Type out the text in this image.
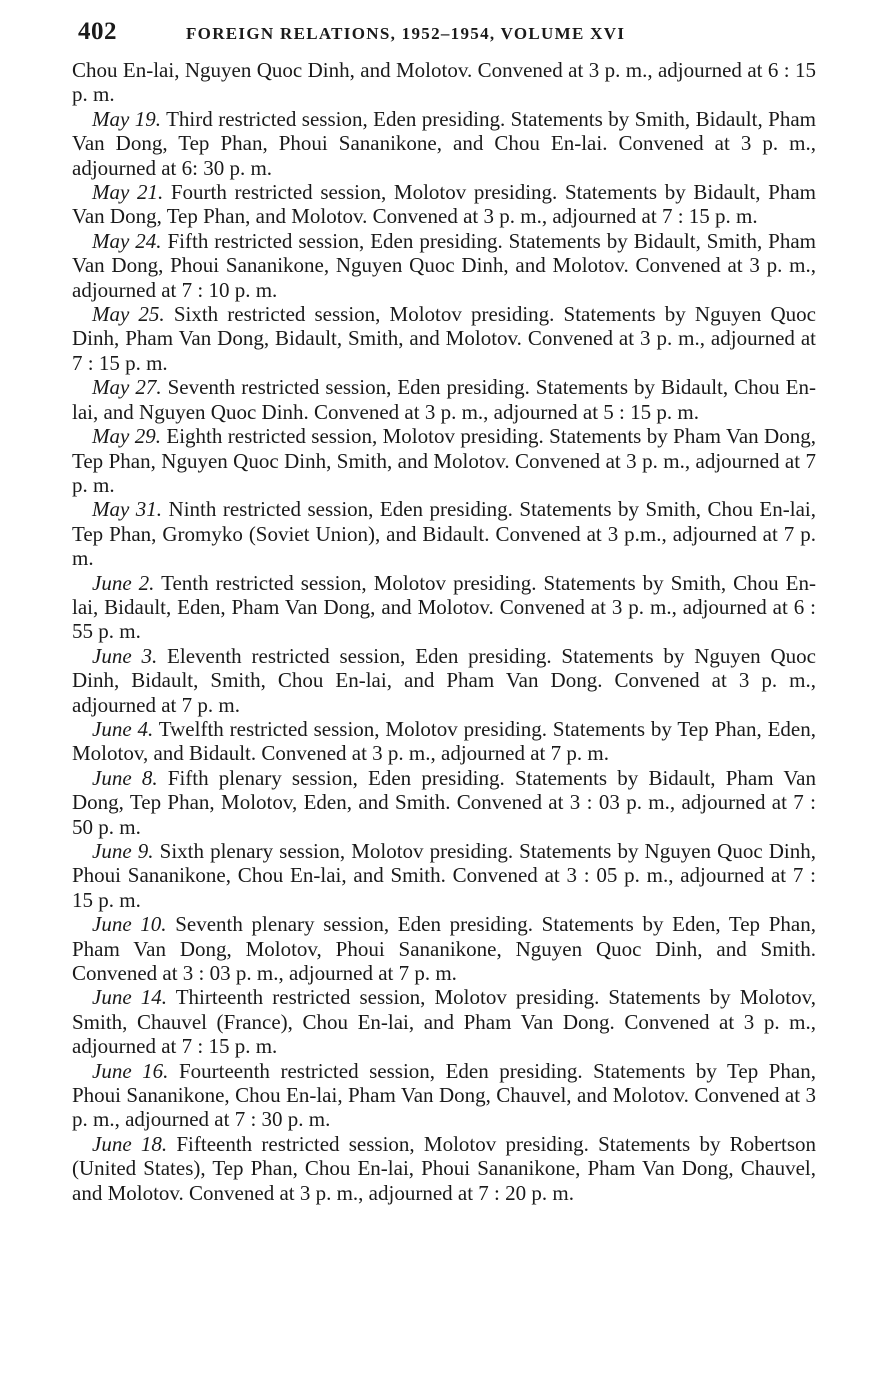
402	FOREIGN RELATIONS, 1952–1954, VOLUME XVI

Chou En-lai, Nguyen Quoc Dinh, and Molotov. Convened at 3 p. m., adjourned at 6 : 15 p. m.

May 19. Third restricted session, Eden presiding. Statements by Smith, Bidault, Pham Van Dong, Tep Phan, Phoui Sananikone, and Chou En-lai. Convened at 3 p. m., adjourned at 6: 30 p. m.

May 21. Fourth restricted session, Molotov presiding. Statements by Bidault, Pham Van Dong, Tep Phan, and Molotov. Convened at 3 p. m., adjourned at 7 : 15 p. m.

May 24. Fifth restricted session, Eden presiding. Statements by Bidault, Smith, Pham Van Dong, Phoui Sananikone, Nguyen Quoc Dinh, and Molotov. Convened at 3 p. m., adjourned at 7 : 10 p. m.

May 25. Sixth restricted session, Molotov presiding. Statements by Nguyen Quoc Dinh, Pham Van Dong, Bidault, Smith, and Molotov. Convened at 3 p. m., adjourned at 7 : 15 p. m.

May 27. Seventh restricted session, Eden presiding. Statements by Bidault, Chou En-lai, and Nguyen Quoc Dinh. Convened at 3 p. m., adjourned at 5 : 15 p. m.

May 29. Eighth restricted session, Molotov presiding. Statements by Pham Van Dong, Tep Phan, Nguyen Quoc Dinh, Smith, and Molotov. Convened at 3 p. m., adjourned at 7 p. m.

May 31. Ninth restricted session, Eden presiding. Statements by Smith, Chou En-lai, Tep Phan, Gromyko (Soviet Union), and Bidault. Convened at 3 p.m., adjourned at 7 p. m.

June 2. Tenth restricted session, Molotov presiding. Statements by Smith, Chou En-lai, Bidault, Eden, Pham Van Dong, and Molotov. Convened at 3 p. m., adjourned at 6 : 55 p. m.

June 3. Eleventh restricted session, Eden presiding. Statements by Nguyen Quoc Dinh, Bidault, Smith, Chou En-lai, and Pham Van Dong. Convened at 3 p. m., adjourned at 7 p. m.

June 4. Twelfth restricted session, Molotov presiding. Statements by Tep Phan, Eden, Molotov, and Bidault. Convened at 3 p. m., adjourned at 7 p. m.

June 8. Fifth plenary session, Eden presiding. Statements by Bidault, Pham Van Dong, Tep Phan, Molotov, Eden, and Smith. Convened at 3 : 03 p. m., adjourned at 7 : 50 p. m.

June 9. Sixth plenary session, Molotov presiding. Statements by Nguyen Quoc Dinh, Phoui Sananikone, Chou En-lai, and Smith. Convened at 3 : 05 p. m., adjourned at 7 : 15 p. m.

June 10. Seventh plenary session, Eden presiding. Statements by Eden, Tep Phan, Pham Van Dong, Molotov, Phoui Sananikone, Nguyen Quoc Dinh, and Smith. Convened at 3 : 03 p. m., adjourned at 7 p. m.

June 14. Thirteenth restricted session, Molotov presiding. Statements by Molotov, Smith, Chauvel (France), Chou En-lai, and Pham Van Dong. Convened at 3 p. m., adjourned at 7 : 15 p. m.

June 16. Fourteenth restricted session, Eden presiding. Statements by Tep Phan, Phoui Sananikone, Chou En-lai, Pham Van Dong, Chauvel, and Molotov. Convened at 3 p. m., adjourned at 7 : 30 p. m.

June 18. Fifteenth restricted session, Molotov presiding. Statements by Robertson (United States), Tep Phan, Chou En-lai, Phoui Sananikone, Pham Van Dong, Chauvel, and Molotov. Convened at 3 p. m., adjourned at 7 : 20 p. m.
